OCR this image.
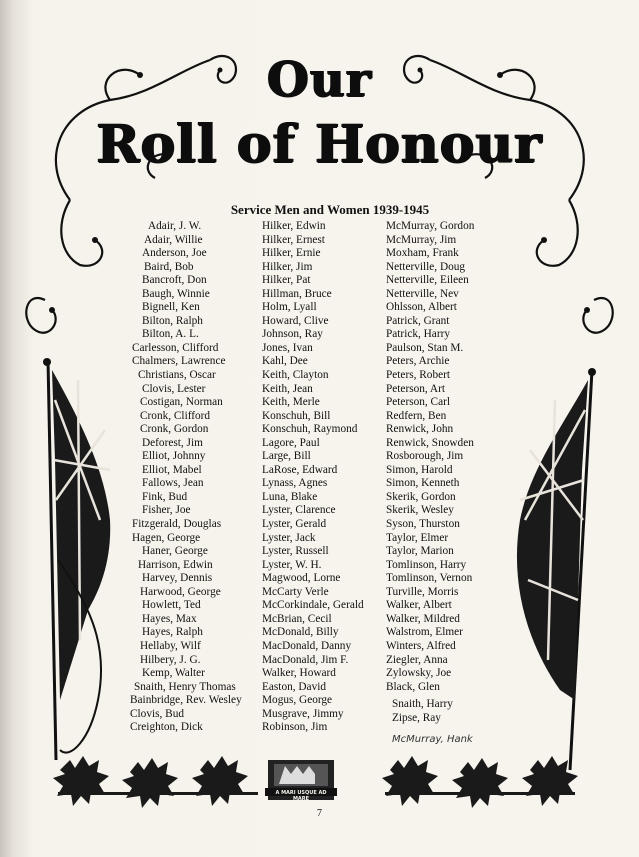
Our
Roll of Honour
Service Men and Women 1939-1945
Adair, J. W.
Adair, Willie
Anderson, Joe
Baird, Bob
Bancroft, Don
Baugh, Winnie
Bignell, Ken
Bilton, Ralph
Bilton, A. L.
Carlesson, Clifford
Chalmers, Lawrence
Christians, Oscar
Clovis, Lester
Costigan, Norman
Cronk, Clifford
Cronk, Gordon
Deforest, Jim
Elliot, Johnny
Elliot, Mabel
Fallows, Jean
Fink, Bud
Fisher, Joe
Fitzgerald, Douglas
Hagen, George
Haner, George
Harrison, Edwin
Harvey, Dennis
Harwood, George
Howlett, Ted
Hayes, Max
Hayes, Ralph
Hellaby, Wilf
Hilbery, J. G.
Kemp, Walter
Snaith, Henry Thomas
Bainbridge, Rev. Wesley
Clovis, Bud
Creighton, Dick
Hilker, Edwin
Hilker, Ernest
Hilker, Ernie
Hilker, Jim
Hilker, Pat
Hillman, Bruce
Holm, Lyall
Howard, Clive
Johnson, Ray
Jones, Ivan
Kahl, Dee
Keith, Clayton
Keith, Jean
Keith, Merle
Konschuh, Bill
Konschuh, Raymond
Lagore, Paul
Large, Bill
LaRose, Edward
Lynass, Agnes
Luna, Blake
Lyster, Clarence
Lyster, Gerald
Lyster, Jack
Lyster, Russell
Lyster, W. H.
Magwood, Lorne
McCarty Verle
McCorkindale, Gerald
McBrian, Cecil
McDonald, Billy
MacDonald, Danny
MacDonald, Jim F.
Walker, Howard
Easton, David
Mogus, George
Musgrave, Jimmy
Robinson, Jim
McMurray, Gordon
McMurray, Jim
Moxham, Frank
Netterville, Doug
Netterville, Eileen
Netterville, Nev
Ohlsson, Albert
Patrick, Grant
Patrick, Harry
Paulson, Stan M.
Peters, Archie
Peters, Robert
Peterson, Art
Peterson, Carl
Redfern, Ben
Renwick, John
Renwick, Snowden
Rosborough, Jim
Simon, Harold
Simon, Kenneth
Skerik, Gordon
Skerik, Wesley
Syson, Thurston
Taylor, Elmer
Taylor, Marion
Tomlinson, Harry
Tomlinson, Vernon
Turville, Morris
Walker, Albert
Walker, Mildred
Walstrom, Elmer
Winters, Alfred
Ziegler, Anna
Zylowsky, Joe
Black, Glen
Snaith, Harry
Zipse, Ray
McMurray, Hank
A MARI USQUE AD MARE
7
